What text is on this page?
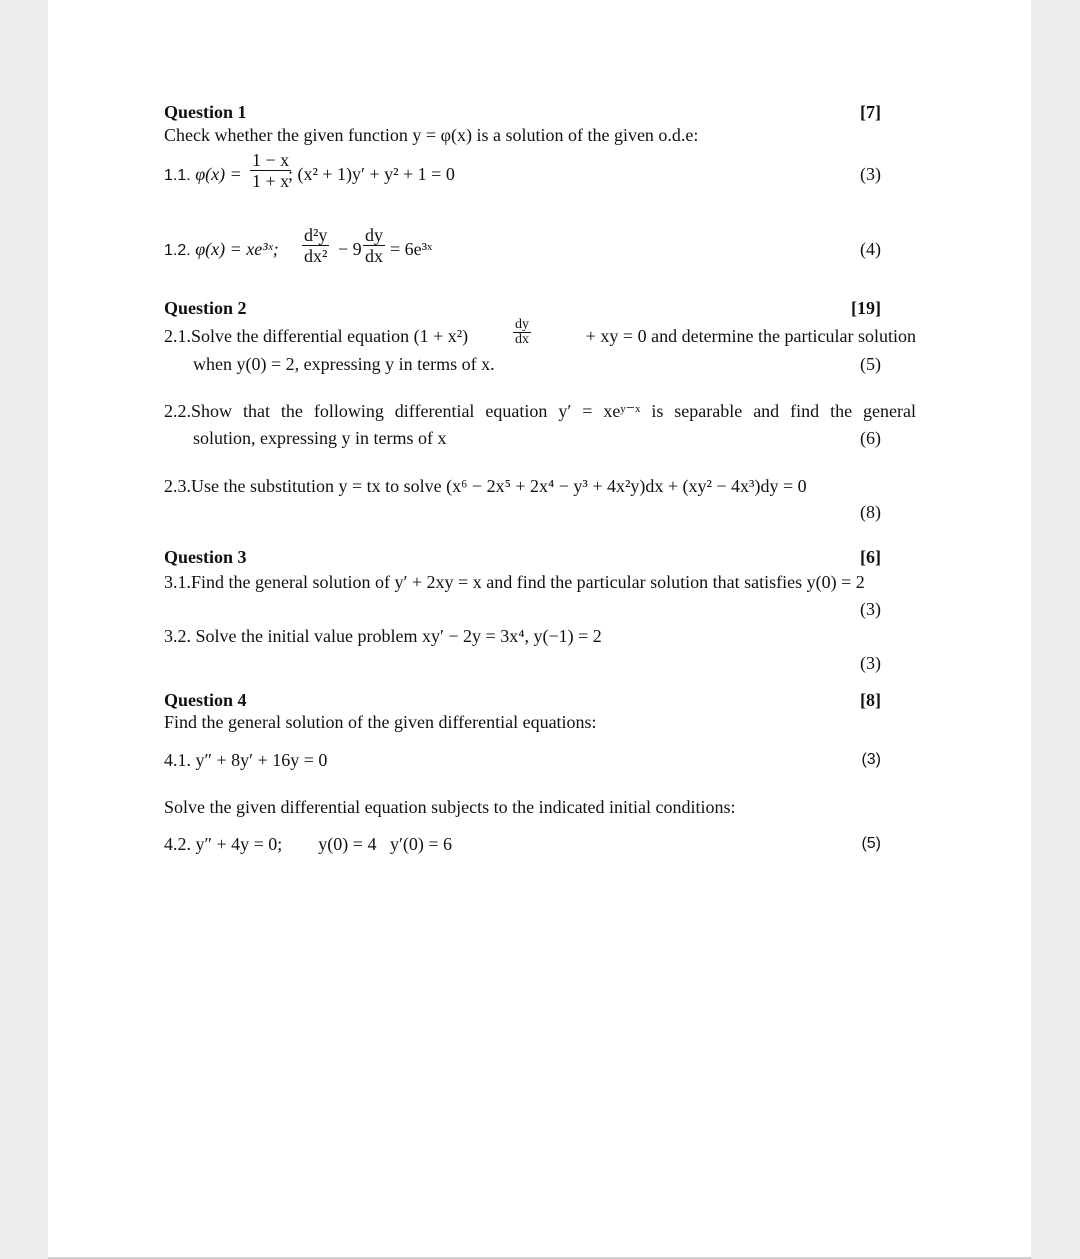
Question 1	[7]
Check whether the given function y = φ(x) is a solution of the given o.d.e:
1.1. $\varphi(x) = \frac{1 - x}{1 + x}$
; (x² + 1)y′ + y² + 1 = 0	(3)
1.2. φ(x) = xe³ˣ; $\frac{\text{d²y}}{\text{dx²}} - 9 \frac{dy}{dx}$ = 6e³ˣ	(4)
Question 2	[19]
2.1.Solve the differential equation (1 + x²)	$\frac{dy}{dx}$	+ xy = 0 and determine the particular solution
when y(0) = 2, expressing y in terms of x.	(5)
2.2.Show that the following differential equation y′ = xeʸ⁻ˣ is separable and find the general
solution, expressing y in terms of x	(6)
2.3.Use the substitution y = tx to solve (x⁶ − 2x⁵ + 2x⁴ − y³ + 4x²y)dx + (xy² − 4x³)dy = 0
(8)
Question 3	[6]
3.1.Find the general solution of y′ + 2xy = x and find the particular solution that satisfies y(0) = 2
(3)
3.2. Solve the initial value problem xy′ − 2y = 3x⁴, y(−1) = 2
(3)
Question 4	[8]
Find the general solution of the given differential equations:
4.1. y″ + 8y′ + 16y = 0	(3)
Solve the given differential equation subjects to the indicated initial conditions:
4.2. y″ + 4y = 0;        y(0) = 4   y′(0) = 6	(5)
